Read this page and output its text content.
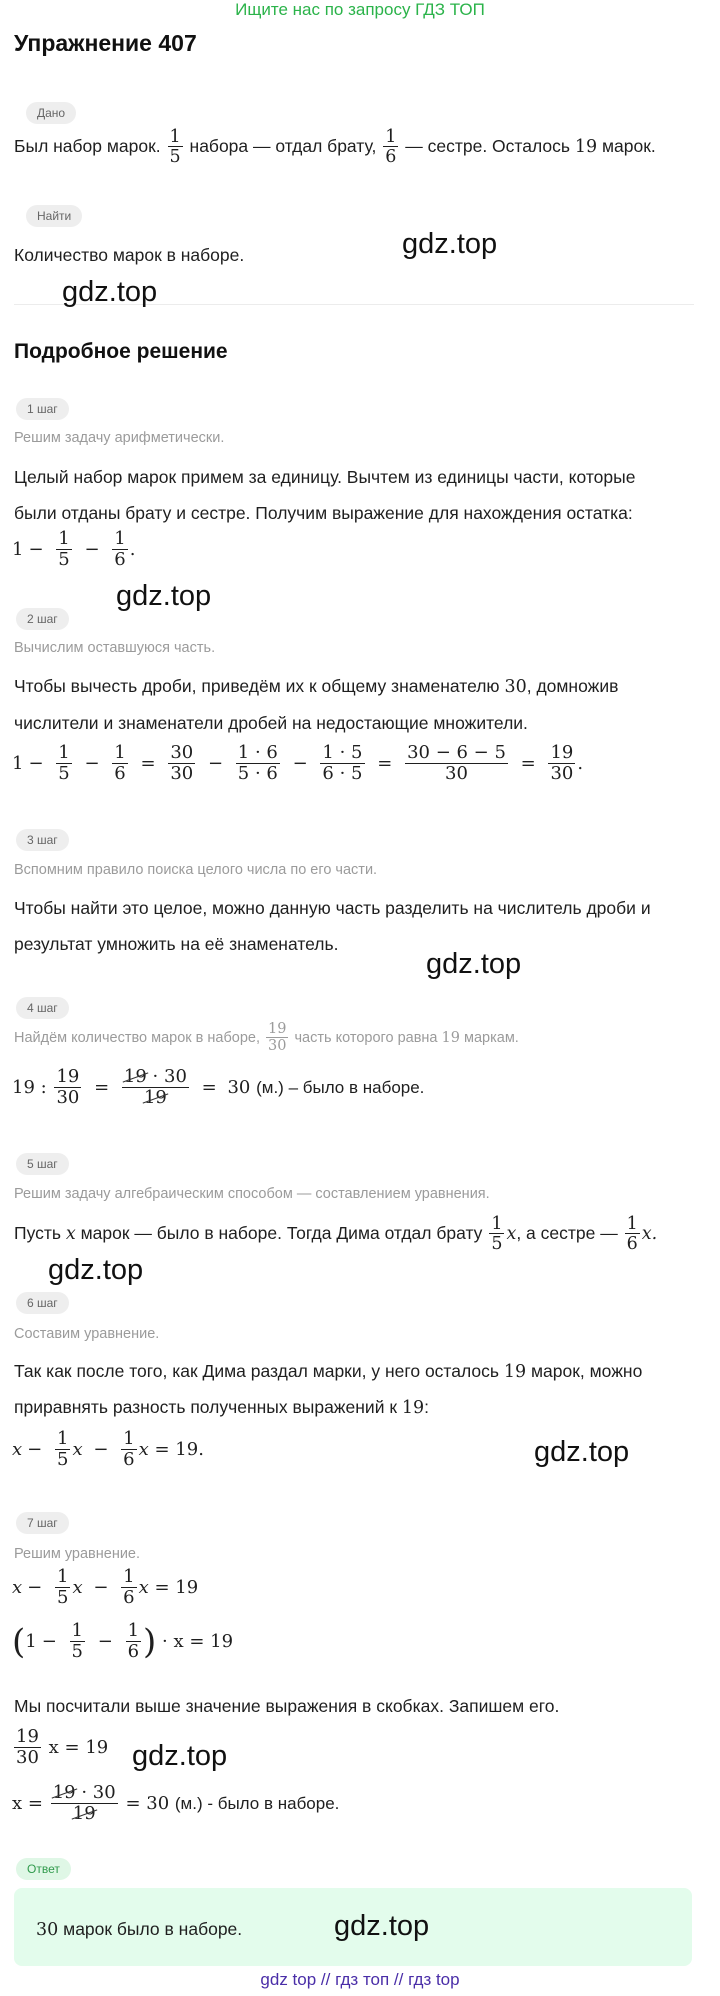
Ищите нас по запросу ГДЗ ТОП
Упражнение 407
Дано
Был набор марок. $\frac{1}{5}$ набора — отдал брату, $\frac{1}{6}$ — сестре. Осталось 19 марок.
Найти
Количество марок в наборе.
Подробное решение
1 шаг
Решим задачу арифметически.
Целый набор марок примем за единицу. Вычтем из единицы части, которые
были отданы брату и сестре. Получим выражение для нахождения остатка:
$1 - \frac{1}{5} - \frac{1}{6}$ .
2 шаг
Вычислим оставшуюся часть.
Чтобы вычесть дроби, приведём их к общему знаменателю 30, домножив
числители и знаменатели дробей на недостающие множители.
$1 - \frac{1}{5} - \frac{1}{6} = \frac{30}{30} - \frac{1 \cdot 6}{5 \cdot 6} - \frac{1 \cdot 5}{6 \cdot 5} = \frac{30 - 6 - 5}{30} = \frac{19}{30}$ .
3 шаг
Вспомним правило поиска целого числа по его части.
Чтобы найти это целое, можно данную часть разделить на числитель дроби и
результат умножить на её знаменатель.
4 шаг
Найдём количество марок в наборе, $\frac{19}{30}$ часть которого равна 19 маркам.
19 : $\frac{19}{30} = \frac{19 \cdot 30}{19} = 30$ (м.) – было в наборе.
5 шаг
Решим задачу алгебраическим способом — составлением уравнения.
Пусть x марок — было в наборе. Тогда Дима отдал брату $\frac{1}{5} x$, а сестре — $\frac{1}{6} x$.
6 шаг
Составим уравнение.
Так как после того, как Дима раздал марки, у него осталось 19 марок, можно
приравнять разность полученных выражений к 19:
$x - \frac{1}{5}$ $x - \frac{1}{6}$ x = 19.
7 шаг
Решим уравнение.
$x - \frac{1}{5}$ $x - \frac{1}{6}$ x = 19
($1 - \frac{1}{5} - \frac{1}{6}$ ) · x = 19
Мы посчитали выше значение выражения в скобках. Запишем его.
$\frac{19}{30}$ x = 19
$x = \frac{19 \cdot 30}{19} = 30$ (м.) - было в наборе.
Ответ
30 марок было в наборе.
gdz.top
gdz.top
gdz.top
gdz.top
gdz.top
gdz.top
gdz.top
gdz.top
gdz top // гдз топ // гдз top
